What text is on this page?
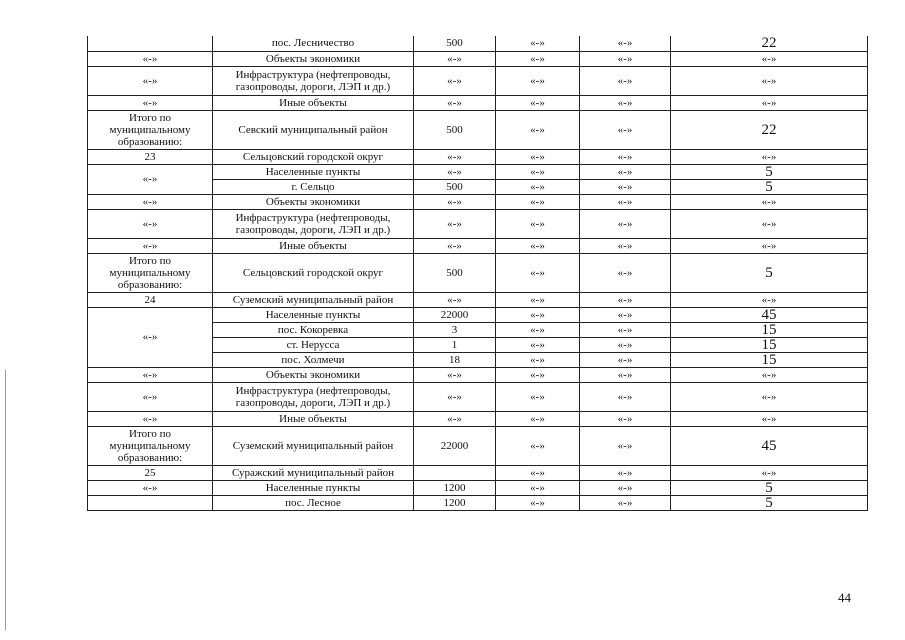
	пос. Лесничество	500	«-»	«-»	22
«-»	Объекты экономики	«-»	«-»	«-»	«-»
«-»	Инфраструктура (нефтепроводы, газопроводы, дороги, ЛЭП и др.)	«-»	«-»	«-»	«-»
«-»	Иные объекты	«-»	«-»	«-»	«-»
Итого по муниципальному образованию:	Севский муниципальный район	500	«-»	«-»	22
23	Сельцовский городской округ	«-»	«-»	«-»	«-»
«-»	Населенные пункты	«-»	«-»	«-»	5
	г. Сельцо	500	«-»	«-»	5
«-»	Объекты экономики	«-»	«-»	«-»	«-»
«-»	Инфраструктура (нефтепроводы, газопроводы, дороги, ЛЭП и др.)	«-»	«-»	«-»	«-»
«-»	Иные объекты	«-»	«-»	«-»	«-»
Итого по муниципальному образованию:	Сельцовский городской округ	500	«-»	«-»	5
24	Суземский муниципальный район	«-»	«-»	«-»	«-»
«-»	Населенные пункты	22000	«-»	«-»	45
	пос. Кокоревка	3	«-»	«-»	15
	ст. Нерусса	1	«-»	«-»	15
	пос. Холмечи	18	«-»	«-»	15
«-»	Объекты экономики	«-»	«-»	«-»	«-»
«-»	Инфраструктура (нефтепроводы, газопроводы, дороги, ЛЭП и др.)	«-»	«-»	«-»	«-»
«-»	Иные объекты	«-»	«-»	«-»	«-»
Итого по муниципальному образованию:	Суземский муниципальный район	22000	«-»	«-»	45
25	Суражский муниципальный район		«-»	«-»	«-»
«-»	Населенные пункты	1200	«-»	«-»	5
	пос. Лесное	1200	«-»	«-»	5
44
